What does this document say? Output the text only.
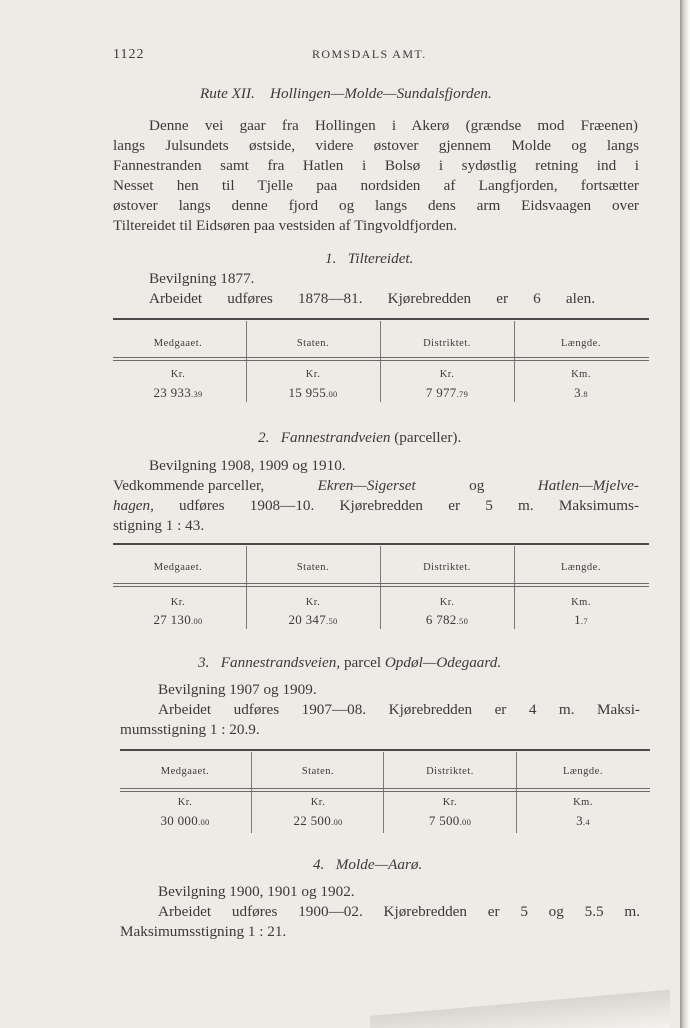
1122	ROMSDALS AMT.
Rute XII. Hollingen—Molde—Sundalsfjorden.
Denne vei gaar fra Hollingen i Akerø (grændse mod Fræenen)
langs Julsundets østside, videre østover gjennem Molde og langs
Fannestranden samt fra Hatlen i Bolsø i sydøstlig retning ind i
Nesset hen til Tjelle paa nordsiden af Langfjorden, fortsætter
østover langs denne fjord og langs dens arm Eidsvaagen over
Tiltereidet til Eidsøren paa vestsiden af Tingvoldfjorden.
1. Tiltereidet.
Bevilgning 1877.
Arbeidet udføres 1878—81. Kjørebredden er 6 alen.
Medgaaet.	Staten.	Distriktet.	Længde.
Kr.	Kr.	Kr.	Km.
23 933.39	15 955.00	7 977.79	3.8
2. Fannestrandveien (parceller).
Bevilgning 1908, 1909 og 1910.
Vedkommende parceller,	Ekren—Sigerset	og	Hatlen—Mjelve-
hagen, udføres 1908—10. Kjørebredden er 5 m. Maksimums-
stigning 1 : 43.
Medgaaet.	Staten.	Distriktet.	Længde.
Kr.	Kr.	Kr.	Km.
27 130.00	20 347.50	6 782.50	1.7
3. Fannestrandsveien, parcel Opdøl—Odegaard.
Bevilgning 1907 og 1909.
Arbeidet udføres 1907—08. Kjørebredden er 4 m. Maksi-
mumsstigning 1 : 20.9.
Medgaaet.	Staten.	Distriktet.	Længde.
Kr.	Kr.	Kr.	Km.
30 000.00	22 500.00	7 500.00	3.4
4. Molde—Aarø.
Bevilgning 1900, 1901 og 1902.
Arbeidet udføres 1900—02. Kjørebredden er 5 og 5.5 m.
Maksimumsstigning 1 : 21.
